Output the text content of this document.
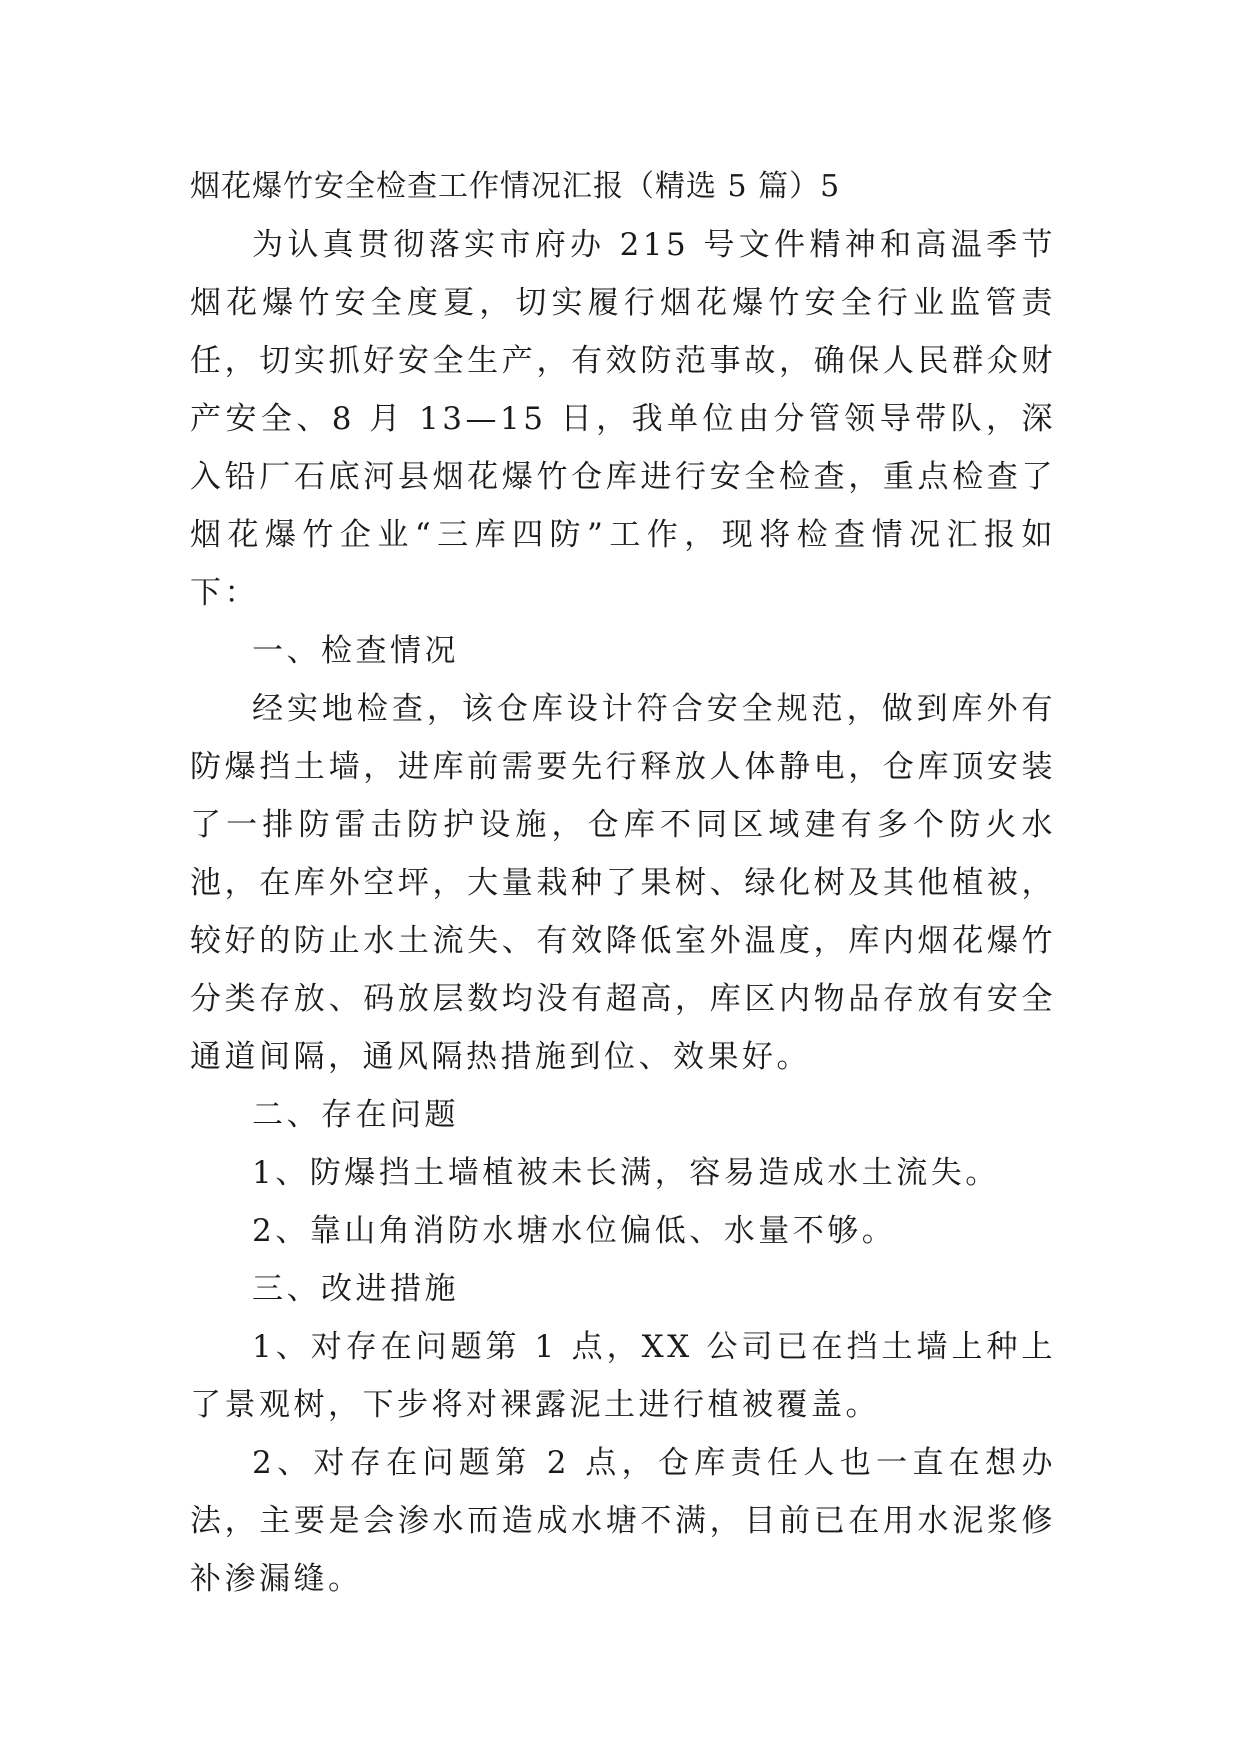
烟花爆竹安全检查工作情况汇报（精选 5 篇）5

为认真贯彻落实市府办 215 号文件精神和高温季节烟花爆竹安全度夏，切实履行烟花爆竹安全行业监管责任，切实抓好安全生产，有效防范事故，确保人民群众财产安全、8 月 13—15 日，我单位由分管领导带队，深入铅厂石底河县烟花爆竹仓库进行安全检查，重点检查了烟花爆竹企业“三库四防”工作，现将检查情况汇报如下：

一、检查情况

经实地检查，该仓库设计符合安全规范，做到库外有防爆挡土墙，进库前需要先行释放人体静电，仓库顶安装了一排防雷击防护设施，仓库不同区域建有多个防火水池，在库外空坪，大量栽种了果树、绿化树及其他植被，较好的防止水土流失、有效降低室外温度，库内烟花爆竹分类存放、码放层数均没有超高，库区内物品存放有安全通道间隔，通风隔热措施到位、效果好。

二、存在问题

1、防爆挡土墙植被未长满，容易造成水土流失。

2、靠山角消防水塘水位偏低、水量不够。

三、改进措施

1、对存在问题第 1 点，XX 公司已在挡土墙上种上了景观树，下步将对裸露泥土进行植被覆盖。

2、对存在问题第 2 点，仓库责任人也一直在想办法，主要是会渗水而造成水塘不满，目前已在用水泥浆修补渗漏缝。
